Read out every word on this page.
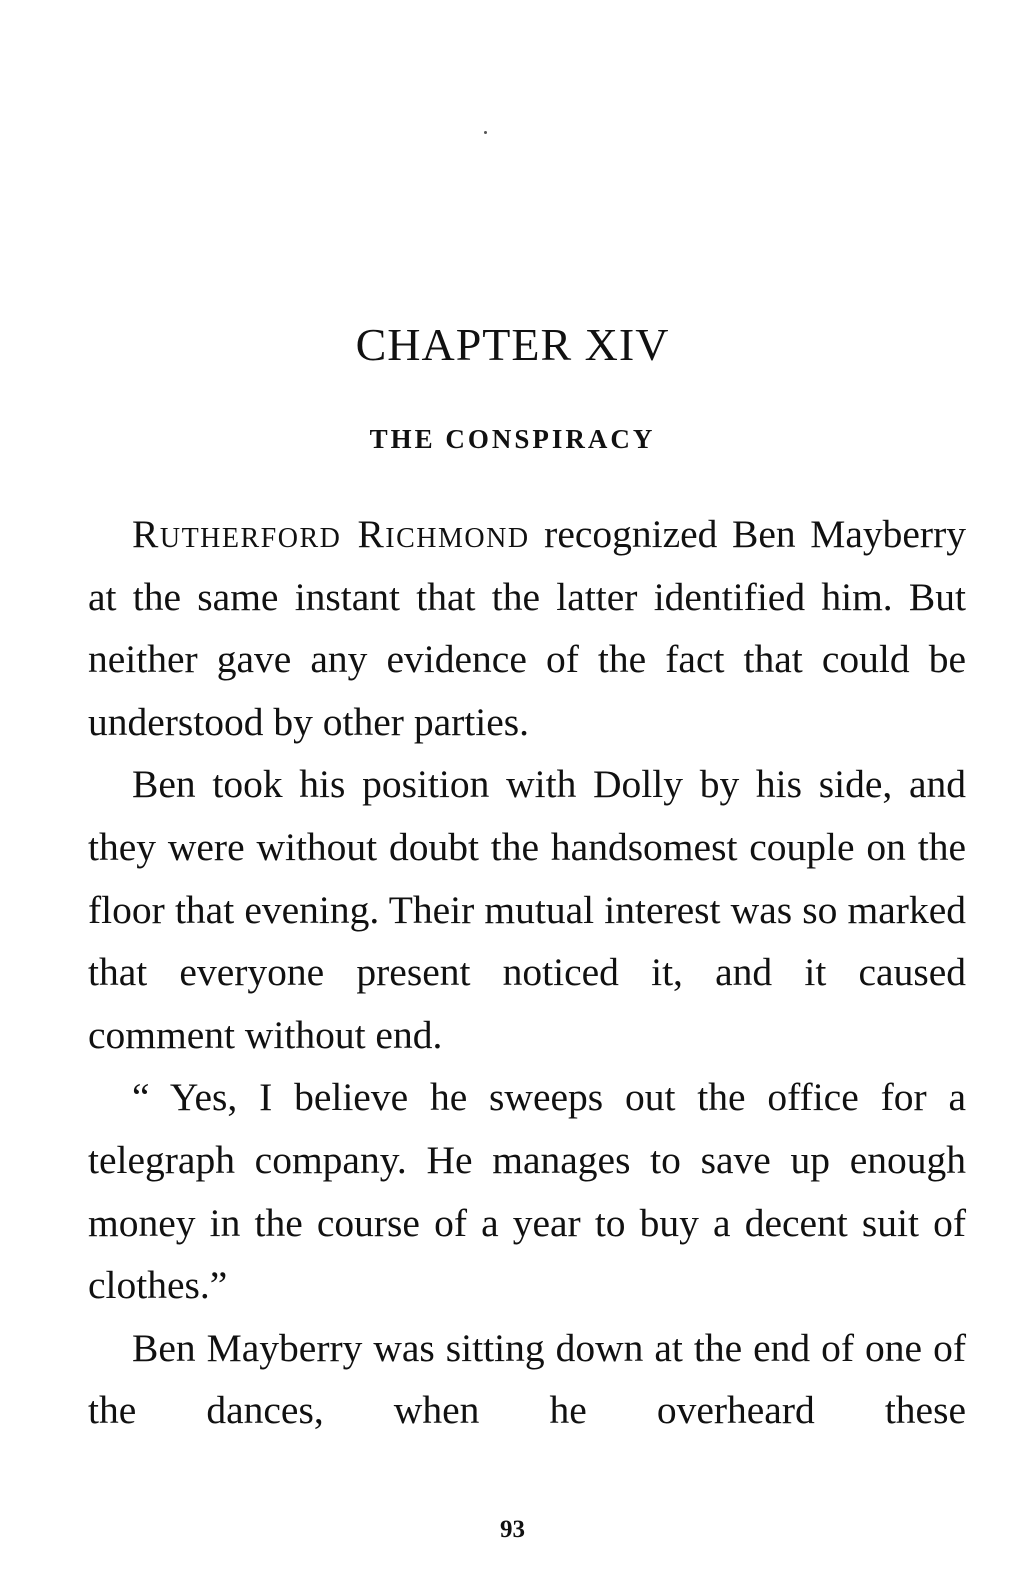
CHAPTER XIV
THE CONSPIRACY

Rutherford Richmond recognized Ben Mayberry at the same instant that the latter identified him. But neither gave any evidence of the fact that could be understood by other parties.

Ben took his position with Dolly by his side, and they were without doubt the handsomest couple on the floor that evening. Their mutual interest was so marked that everyone present noticed it, and it caused comment without end.

“ Yes, I believe he sweeps out the office for a telegraph company. He manages to save up enough money in the course of a year to buy a decent suit of clothes.”

Ben Mayberry was sitting down at the end of one of the dances, when he overheard these

93
